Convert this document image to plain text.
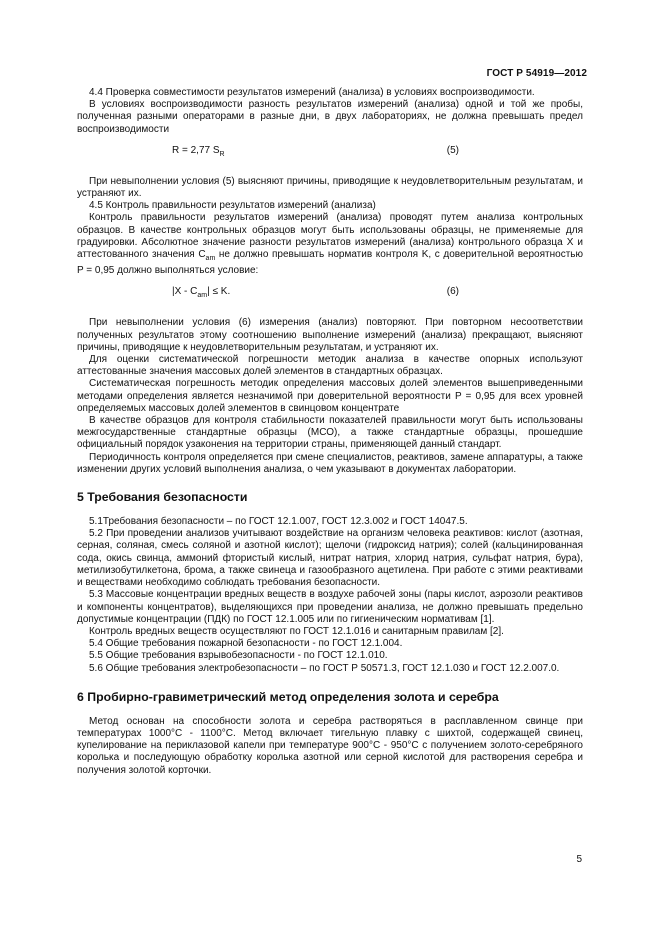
ГОСТ Р 54919—2012

4.4 Проверка совместимости результатов измерений (анализа) в условиях воспроизводимости.

В условиях воспроизводимости разность результатов измерений (анализа) одной и той же пробы, полученная разными операторами в разные дни, в двух лабораториях, не должна превышать предел воспроизводимости

R = 2,77 $S_R$	(5)

При невыполнении условия (5) выясняют причины, приводящие к неудовлетворительным результатам, и устраняют их.

4.5 Контроль правильности результатов измерений (анализа)

Контроль правильности результатов измерений (анализа) проводят путем анализа контрольных образцов. В качестве контрольных образцов могут быть использованы образцы, не применяемые для градуировки. Абсолютное значение разности результатов измерений (анализа) контрольного образца X и аттестованного значения $C_{am}$ не должно превышать норматив контроля K, с доверительной вероятностью P = 0,95 должно выполняться условие:

$|X - C_{am}| \le K$.	(6)

При невыполнении условия (6) измерения (анализ) повторяют. При повторном несоответствии полученных результатов этому соотношению выполнение измерений (анализа) прекращают, выясняют причины, приводящие к неудовлетворительным результатам, и устраняют их.

Для оценки систематической погрешности методик анализа в качестве опорных используют аттестованные значения массовых долей элементов в стандартных образцах.

Систематическая погрешность методик определения массовых долей элементов вышеприведенными методами определения является незначимой при доверительной вероятности P = 0,95 для всех уровней определяемых массовых долей элементов в свинцовом концентрате

В качестве образцов для контроля стабильности показателей правильности могут быть использованы межгосударственные стандартные образцы (МСО), а также стандартные образцы, прошедшие официальный порядок узаконения на территории страны, применяющей данный стандарт.

Периодичность контроля определяется при смене специалистов, реактивов, замене аппаратуры, а также изменении других условий выполнения анализа, о чем указывают в документах лаборатории.

5 Требования безопасности

5.1Требования безопасности – по ГОСТ 12.1.007, ГОСТ 12.3.002 и ГОСТ 14047.5.

5.2 При проведении анализов учитывают воздействие на организм человека реактивов: кислот (азотная, серная, соляная, смесь соляной и азотной кислот); щелочи (гидроксид натрия); солей (кальцинированная сода, окись свинца, аммоний фтористый кислый, нитрат натрия, хлорид натрия, сульфат натрия, бура), метилизобутилкетона, брома, а также свинеца и газообразного ацетилена. При работе с этими реактивами и веществами необходимо соблюдать требования безопасности.

5.3 Массовые концентрации вредных веществ в воздухе рабочей зоны (пары кислот, аэрозоли реактивов и компоненты концентратов), выделяющихся при проведении анализа, не должно превышать предельно допустимые концентрации (ПДК) по ГОСТ 12.1.005 или по гигиеническим нормативам [1].

Контроль вредных веществ осуществляют по ГОСТ 12.1.016 и санитарным правилам [2].

5.4 Общие требования пожарной безопасности - по ГОСТ 12.1.004.

5.5 Общие требования взрывобезопасности - по ГОСТ 12.1.010.

5.6 Общие требования электробезопасности – по ГОСТ Р 50571.3, ГОСТ 12.1.030 и ГОСТ 12.2.007.0.

6 Пробирно-гравиметрический метод определения золота и серебра

Метод основан на способности золота и серебра растворяться в расплавленном свинце при температурах 1000°С - 1100°С. Метод включает тигельную плавку с шихтой, содержащей свинец, купелирование на периклазовой капели при температуре 900°С - 950°С с получением золото-серебряного королька и последующую обработку королька азотной или серной кислотой для растворения серебра и получения золотой корточки.

5
